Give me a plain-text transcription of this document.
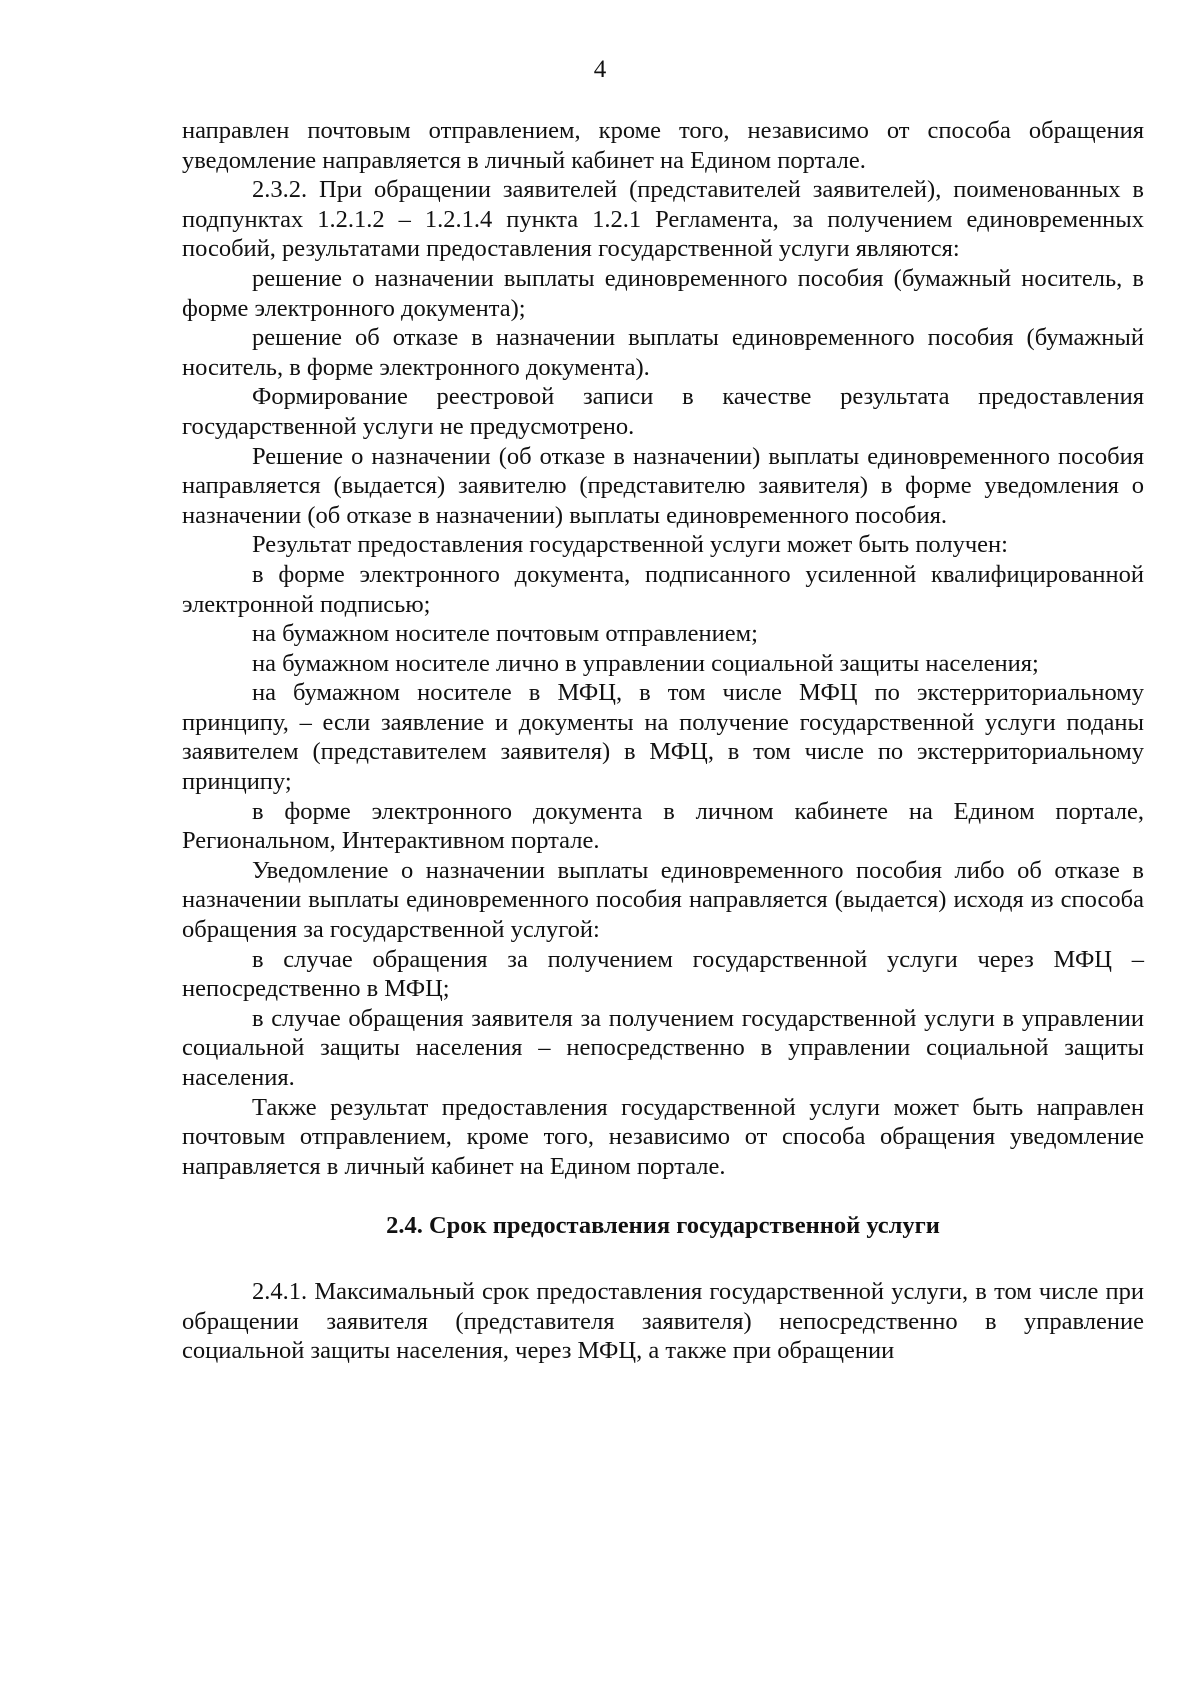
4

направлен почтовым отправлением, кроме того, независимо от способа обращения уведомление направляется в личный кабинет на Едином портале.

2.3.2. При обращении заявителей (представителей заявителей), поименованных в подпунктах 1.2.1.2 – 1.2.1.4 пункта 1.2.1 Регламента, за получением единовременных пособий, результатами предоставления государственной услуги являются:

решение о назначении выплаты единовременного пособия (бумажный носитель, в форме электронного документа);

решение об отказе в назначении выплаты единовременного пособия (бумажный носитель, в форме электронного документа).

Формирование реестровой записи в качестве результата предоставления государственной услуги не предусмотрено.

Решение о назначении (об отказе в назначении) выплаты единовременного пособия направляется (выдается) заявителю (представителю заявителя) в форме уведомления о назначении (об отказе в назначении) выплаты единовременного пособия.

Результат предоставления государственной услуги может быть получен:

в форме электронного документа, подписанного усиленной квалифицированной электронной подписью;

на бумажном носителе почтовым отправлением;

на бумажном носителе лично в управлении социальной защиты населения;

на бумажном носителе в МФЦ, в том числе МФЦ по экстерриториальному принципу, – если заявление и документы на получение государственной услуги поданы заявителем (представителем заявителя) в МФЦ, в том числе по экстерриториальному принципу;

в форме электронного документа в личном кабинете на Едином портале, Региональном, Интерактивном портале.

Уведомление о назначении выплаты единовременного пособия либо об отказе в назначении выплаты единовременного пособия направляется (выдается) исходя из способа обращения за государственной услугой:

в случае обращения за получением государственной услуги через МФЦ – непосредственно в МФЦ;

в случае обращения заявителя за получением государственной услуги в управлении социальной защиты населения – непосредственно в управлении социальной защиты населения.

Также результат предоставления государственной услуги может быть направлен почтовым отправлением, кроме того, независимо от способа обращения уведомление направляется в личный кабинет на Едином портале.

2.4. Срок предоставления государственной услуги

2.4.1. Максимальный срок предоставления государственной услуги, в том числе при обращении заявителя (представителя заявителя) непосредственно в управление социальной защиты населения, через МФЦ, а также при обращении
